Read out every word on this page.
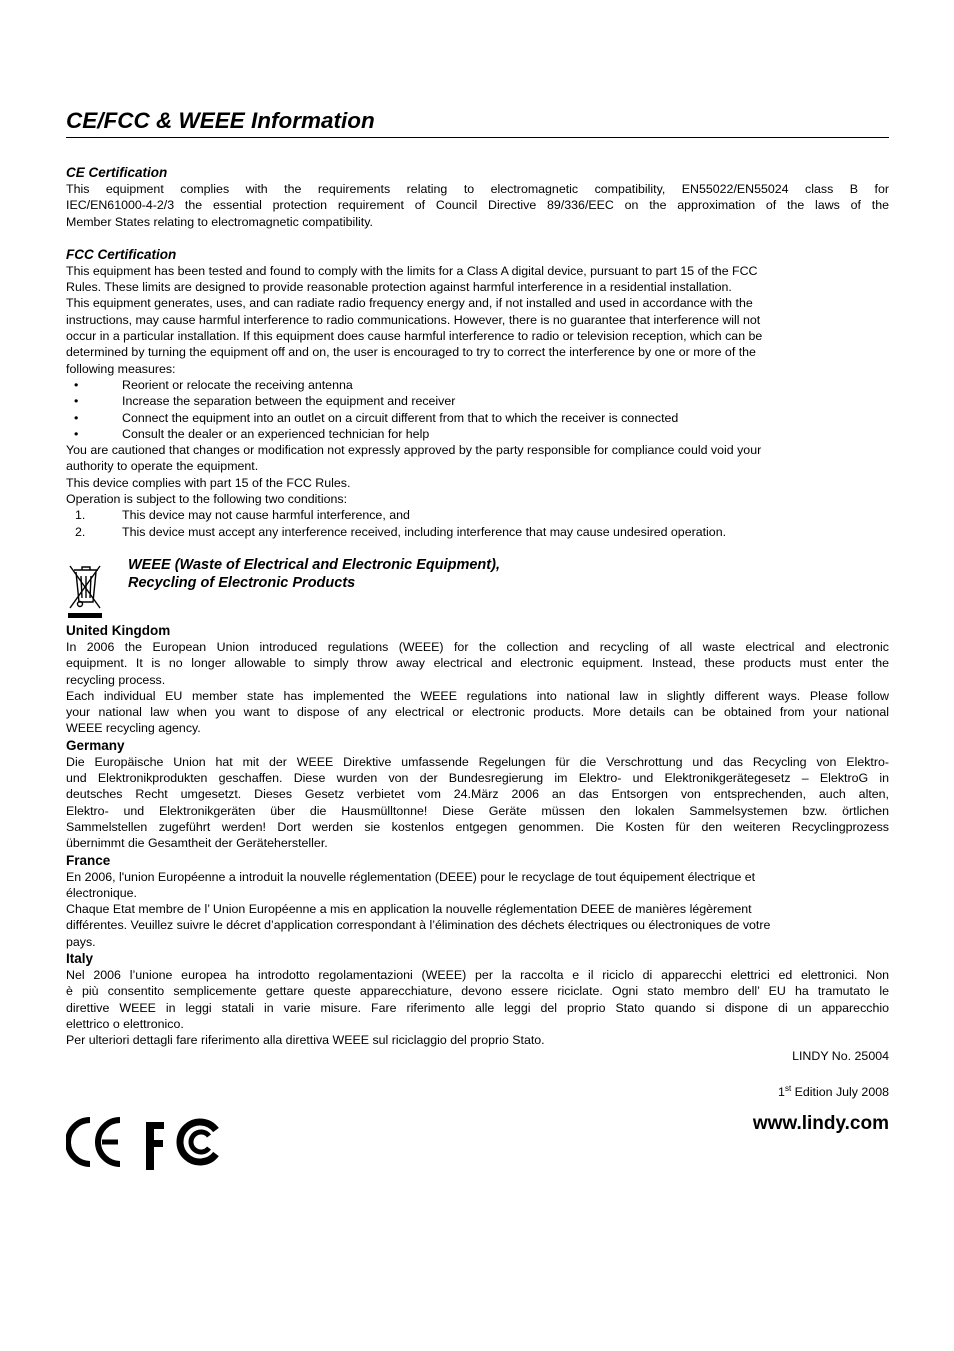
CE/FCC & WEEE Information

CE Certification

This equipment complies with the requirements relating to electromagnetic compatibility, EN55022/EN55024 class B for

IEC/EN61000-4-2/3 the essential protection requirement of Council Directive 89/336/EEC on the approximation of the laws of the

Member States relating to electromagnetic compatibility.

FCC Certification

This equipment has been tested and found to comply with the limits for a Class A digital device, pursuant to part 15 of the FCC

Rules. These limits are designed to provide reasonable protection against harmful interference in a residential installation.

This equipment generates, uses, and can radiate radio frequency energy and, if not installed and used in accordance with the

instructions, may cause harmful interference to radio communications. However, there is no guarantee that interference will not

occur in a particular installation. If this equipment does cause harmful interference to radio or television reception, which can be

determined by turning the equipment off and on, the user is encouraged to try to correct the interference by one or more of the

following measures:

•	Reorient or relocate the receiving antenna
•	Increase the separation between the equipment and receiver
•	Connect the equipment into an outlet on a circuit different from that to which the receiver is connected
•	Consult the dealer or an experienced technician for help

You are cautioned that changes or modification not expressly approved by the party responsible for compliance could void your

authority to operate the equipment.

This device complies with part 15 of the FCC Rules.

Operation is subject to the following two conditions:

1.	This device may not cause harmful interference, and
2.	This device must accept any interference received, including interference that may cause undesired operation.
WEEE (Waste of Electrical and Electronic Equipment),
Recycling of Electronic Products

United Kingdom

In 2006 the European Union introduced regulations (WEEE) for the collection and recycling of all waste electrical and electronic

equipment. It is no longer allowable to simply throw away electrical and electronic equipment. Instead, these products must enter the

recycling process.

Each individual EU member state has implemented the WEEE regulations into national law in slightly different ways. Please follow

your national law when you want to dispose of any electrical or electronic products. More details can be obtained from your national

WEEE recycling agency.

Germany

Die Europäische Union hat mit der WEEE Direktive umfassende Regelungen für die Verschrottung und das Recycling von Elektro-

und Elektronikprodukten geschaffen. Diese wurden von der Bundesregierung im Elektro- und Elektronikgerätegesetz – ElektroG in

deutsches Recht umgesetzt. Dieses Gesetz verbietet vom 24.März 2006 an das Entsorgen von entsprechenden, auch alten,

Elektro- und Elektronikgeräten über die Hausmülltonne! Diese Geräte müssen den lokalen Sammelsystemen bzw. örtlichen

Sammelstellen zugeführt werden! Dort werden sie kostenlos entgegen genommen. Die Kosten für den weiteren Recyclingprozess

übernimmt die Gesamtheit der Gerätehersteller.

France

En 2006, l'union Européenne a introduit la nouvelle réglementation (DEEE) pour le recyclage de tout équipement électrique et

électronique.

Chaque Etat membre de l’ Union Européenne a mis en application la nouvelle réglementation DEEE de manières légèrement

différentes. Veuillez suivre le décret d’application correspondant à l’élimination des déchets électriques ou électroniques de votre

pays.

Italy

Nel 2006 l’unione europea ha introdotto regolamentazioni (WEEE) per la raccolta e il riciclo di apparecchi elettrici ed elettronici. Non

è più consentito semplicemente gettare queste apparecchiature, devono essere riciclate. Ogni stato membro dell’ EU ha tramutato le

direttive WEEE in leggi statali in varie misure. Fare riferimento alle leggi del proprio Stato quando si dispone di un apparecchio

elettrico o elettronico.

Per ulteriori dettagli fare riferimento alla direttiva WEEE sul riciclaggio del proprio Stato.

LINDY No. 25004

1st Edition July 2008

www.lindy.com
